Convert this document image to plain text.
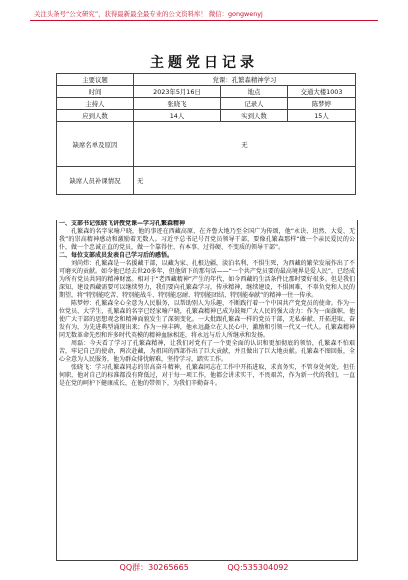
关注头条号“公文研究”，获得最新最全最专业的公文资料库！ 微信：gongwenyj
主题党日记录
主要议题	党课：孔繁森精神学习		
时间	2023年5月16日	地点	交通大楼1003
主持人	张晓飞	记录人	陈梦婷
应到人数	14人	实到人数	15人
缺席名单及原因	无		
缺席人员补课情况	无		
一、支部书记张晓飞讲授党课—学习孔繁森精神

孔繁森的名字家喻户晓，他的事迹在西藏高原，在齐鲁大地乃至全国广为传颂，他“永诀、坦然、大爱、无我”的崇高精神感动和激励着无数人。习近平总书记号召党员领导干部，要像孔繁森那样“做一个亲民爱民的公仆，做一个忠诚正直的党员，做一个靠得住、有本事、过得硬、不变质的领导干部”。

二、每位支部成员发表自己学习后的感悟。

刘尚炜：孔繁森是一名援藏干部，以藏为家、扎根边疆，淡泊名利、不惧生死，为西藏的繁荣发展作出了不可磨灭的贡献。如今他已经去世20多年，但他留下的那句话——“一个共产党员要的最高境界是爱人民”，已经成为所有党员共同的精神财富。相对于“老西藏精神”产生的年代，如今西藏的生活条件比那时要好很多。但是我们深知，建设西藏需要可以继续努力，我们要向孔繁森学习，传承精神，继续建设，不惧困难，不辜负党和人民的期望，将“特别能吃苦、特别能战斗、特别能忍耐、特别能团结、特别能奉献”的精神一往一传承。

陈梦婷：孔繁森全心全意为人民服务，以帮助别人为乐趣，不断践行着一个中国共产党党员的使命。作为一位党员、大学生，孔繁森的名字已经家喻户晓，孔繁森精神已成为鼓舞广大人民的强大动力：作为一面旗帜，他使广大干部的思想观念和精神面貌发生了深刻变化。一大批跟孔繁森一样的党员干部，无私奉献、开拓进取、奋发有为，为先进典型涌现出来；作为一座丰碑，他永远矗立在人民心中，激励和引领一代又一代人。孔繁森精神同无数革命先烈和许多时代英模的精神血脉相连，将永远与后人所继承和发扬。

周磊：今天看了学习了孔繁森精神，让我们对党有了一个更全面的认识和更加彻底的领悟，孔繁森不怕艰苦，牢记自己的使命，两次赴藏，为祖国的西部作出了巨大贡献，并且做出了巨大地贡献。孔繁森不图回报，全心全意为人民服务，他为群众排忧解难，坚持学习，踏实工作。

张晓飞：学习孔繁森同志的崇高奋斗精神，孔繁森同志在工作中开拓进取，求真务实，不管身处何处，但任何职，他对自己的标准都没有降低过，对于每一项工作，他都会讲求实干，不畏艰苦，作为新一代的我们，一直是在党的呵护下健康成长，在他的带领下，为我们辛勤奋斗。

QQ群：30265665	QQ:535304092
